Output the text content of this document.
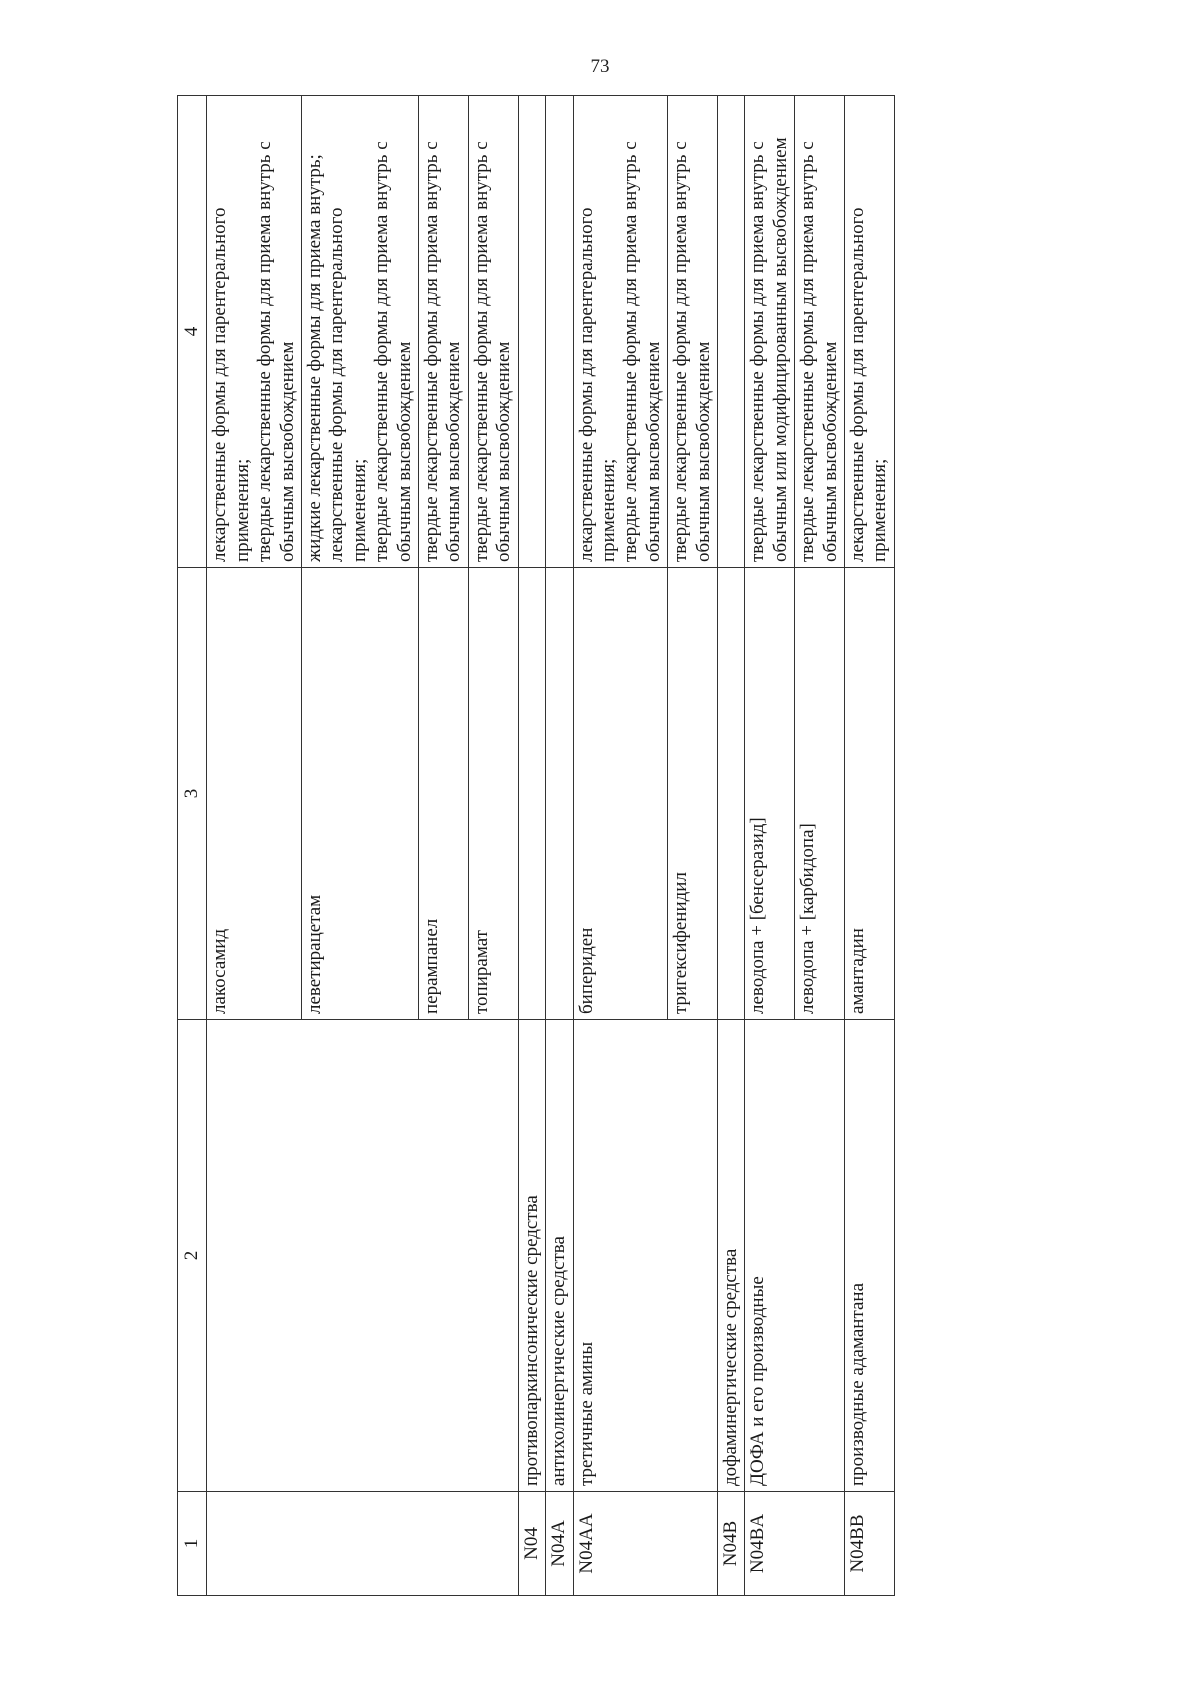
73
1	2	3	4
		лакосамид	лекарственные формы для парентерального применения; твердые лекарственные формы для приема внутрь с обычным высвобождением

		леветирацетам	жидкие лекарственные формы для приема внутрь; лекарственные формы для парентерального применения; твердые лекарственные формы для приема внутрь с обычным высвобождением

		перампанел	твердые лекарственные формы для приема внутрь с обычным высвобождением

		топирамат	твердые лекарственные формы для приема внутрь с обычным высвобождением

N04	противопаркинсонические средства		
N04A	антихолинергические средства		
N04AA	третичные амины	бипериден	лекарственные формы для парентерального применения; твердые лекарственные формы для приема внутрь с обычным высвобождением

		тригексифенидил	твердые лекарственные формы для приема внутрь с обычным высвобождением

N04B	дофаминергические средства		
N04BA	ДОФА и его производные	леводопа + [бенсеразид]	твердые лекарственные формы для приема внутрь с обычным или модифицированным высвобождением

		леводопа + [карбидопа]	твердые лекарственные формы для приема внутрь с обычным высвобождением

N04BB	производные адамантана	амантадин	лекарственные формы для парентерального применения;
